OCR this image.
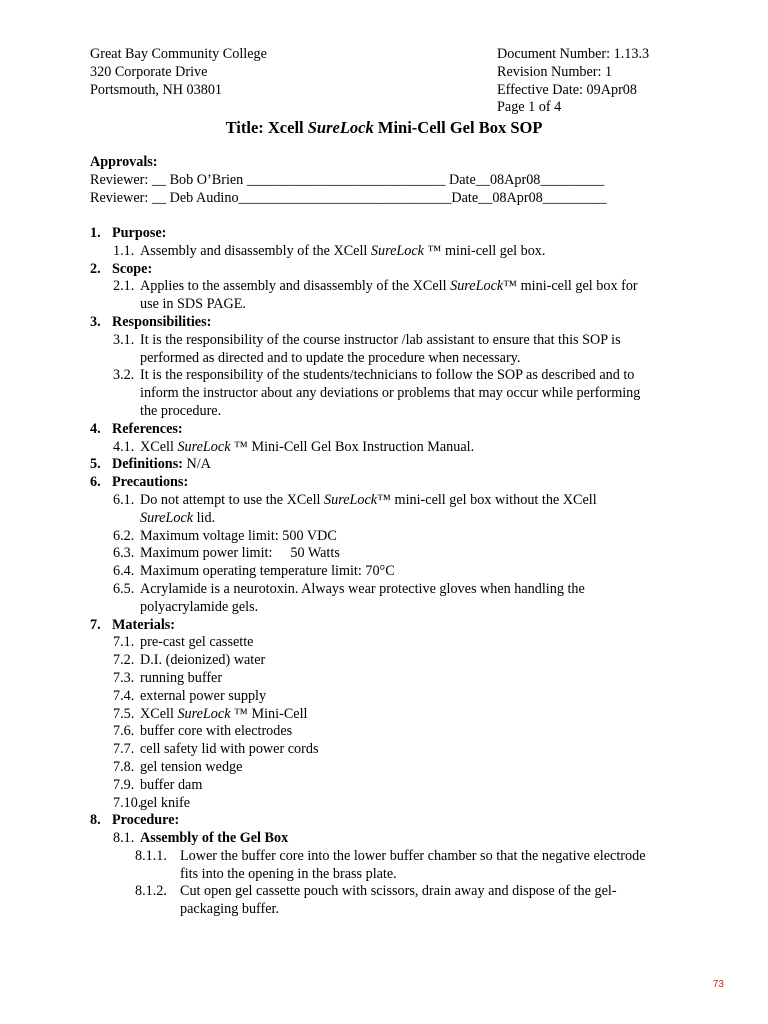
Great Bay Community College
320 Corporate Drive
Portsmouth, NH 03801
Document Number: 1.13.3
Revision Number: 1
Effective Date: 09Apr08
Page 1 of 4
Title: Xcell SureLock Mini-Cell Gel Box SOP
Approvals:
Reviewer: __ Bob O’Brien ____________________________ Date__08Apr08_________
Reviewer: __ Deb Audino______________________________Date__08Apr08_________
1. Purpose:
1.1. Assembly and disassembly of the XCell SureLock ™ mini-cell gel box.
2. Scope:
2.1. Applies to the assembly and disassembly of the XCell SureLock™ mini-cell gel box for
use in SDS PAGE.
3. Responsibilities:
3.1. It is the responsibility of the course instructor /lab assistant to ensure that this SOP is
performed as directed and to update the procedure when necessary.
3.2. It is the responsibility of the students/technicians to follow the SOP as described and to
inform the instructor about any deviations or problems that may occur while performing
the procedure.
4. References:
4.1. XCell SureLock ™ Mini-Cell Gel Box Instruction Manual.
5. Definitions: N/A
6. Precautions:
6.1. Do not attempt to use the XCell SureLock™ mini-cell gel box without the XCell
SureLock lid.
6.2. Maximum voltage limit: 500 VDC
6.3. Maximum power limit: 50 Watts
6.4. Maximum operating temperature limit: 70°C
6.5. Acrylamide is a neurotoxin. Always wear protective gloves when handling the
polyacrylamide gels.
7. Materials:
7.1. pre-cast gel cassette
7.2. D.I. (deionized) water
7.3. running buffer
7.4. external power supply
7.5. XCell SureLock ™ Mini-Cell
7.6. buffer core with electrodes
7.7. cell safety lid with power cords
7.8. gel tension wedge
7.9. buffer dam
7.10.gel knife
8. Procedure:
8.1. Assembly of the Gel Box
8.1.1. Lower the buffer core into the lower buffer chamber so that the negative electrode
fits into the opening in the brass plate.
8.1.2. Cut open gel cassette pouch with scissors, drain away and dispose of the gel-
packaging buffer.
73
